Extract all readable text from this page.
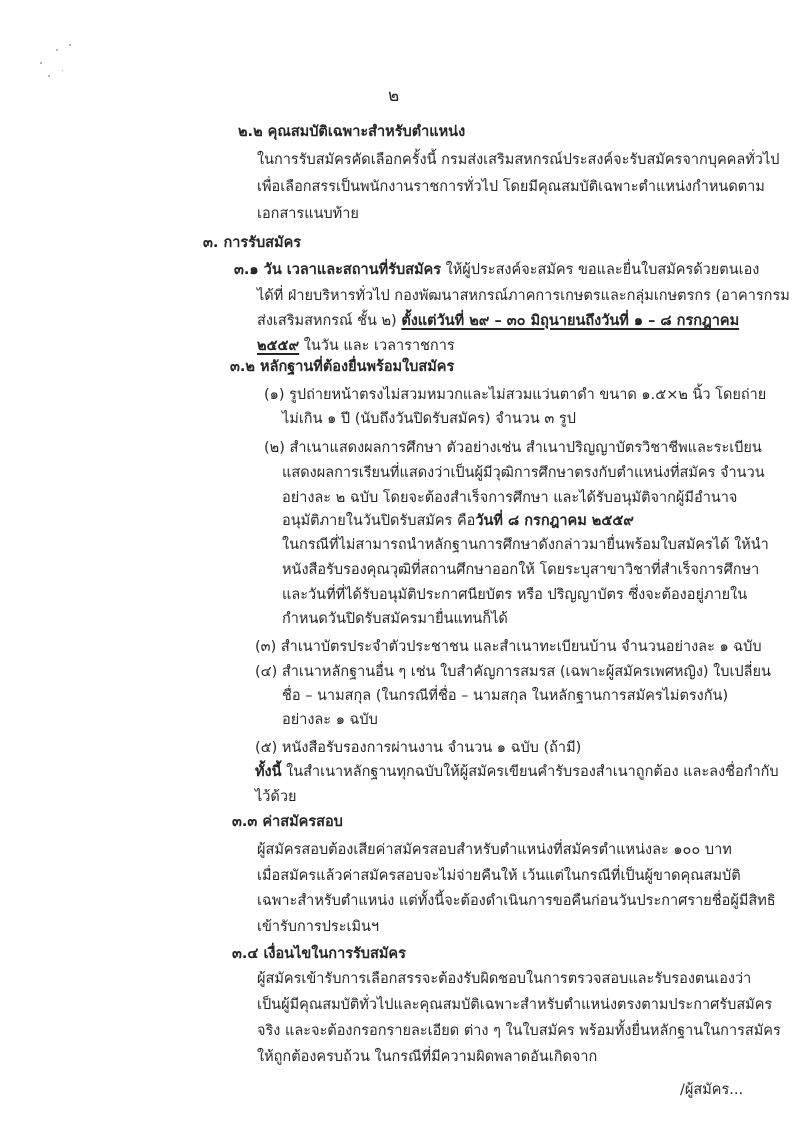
๒
๒.๒ คุณสมบัติเฉพาะสำหรับตำแหน่ง
ในการรับสมัครคัดเลือกครั้งนี้ กรมส่งเสริมสหกรณ์ประสงค์จะรับสมัครจากบุคคลทั่วไป
เพื่อเลือกสรรเป็นพนักงานราชการทั่วไป โดยมีคุณสมบัติเฉพาะตำแหน่งกำหนดตาม
เอกสารแนบท้าย
๓. การรับสมัคร
๓.๑ วัน เวลาและสถานที่รับสมัคร ให้ผู้ประสงค์จะสมัคร ขอและยื่นใบสมัครด้วยตนเอง
ได้ที่ ฝ่ายบริหารทั่วไป กองพัฒนาสหกรณ์ภาคการเกษตรและกลุ่มเกษตรกร (อาคารกรม
ส่งเสริมสหกรณ์ ชั้น ๒) ตั้งแต่วันที่ ๒๙ – ๓๐ มิถุนายนถึงวันที่ ๑ – ๘ กรกฎาคม
๒๕๕๙ ในวัน และ เวลาราชการ
๓.๒ หลักฐานที่ต้องยื่นพร้อมใบสมัคร
(๑) รูปถ่ายหน้าตรงไม่สวมหมวกและไม่สวมแว่นตาดำ ขนาด ๑.๕×๒ นิ้ว โดยถ่าย
ไม่เกิน ๑ ปี (นับถึงวันปิดรับสมัคร) จำนวน ๓ รูป
(๒) สำเนาแสดงผลการศึกษา ตัวอย่างเช่น สำเนาปริญญาบัตรวิชาชีพและระเบียน
แสดงผลการเรียนที่แสดงว่าเป็นผู้มีวุฒิการศึกษาตรงกับตำแหน่งที่สมัคร จำนวน
อย่างละ ๒ ฉบับ โดยจะต้องสำเร็จการศึกษา และได้รับอนุมัติจากผู้มีอำนาจ
อนุมัติภายในวันปิดรับสมัคร คือวันที่ ๘ กรกฎาคม ๒๕๕๙
ในกรณีที่ไม่สามารถนำหลักฐานการศึกษาดังกล่าวมายื่นพร้อมใบสมัครได้ ให้นำ
หนังสือรับรองคุณวุฒิที่สถานศึกษาออกให้ โดยระบุสาขาวิชาที่สำเร็จการศึกษา
และวันที่ที่ได้รับอนุมัติประกาศนียบัตร หรือ ปริญญาบัตร ซึ่งจะต้องอยู่ภายใน
กำหนดวันปิดรับสมัครมายื่นแทนก็ได้
(๓) สำเนาบัตรประจำตัวประชาชน และสำเนาทะเบียนบ้าน จำนวนอย่างละ ๑ ฉบับ
(๔) สำเนาหลักฐานอื่น ๆ เช่น ใบสำคัญการสมรส (เฉพาะผู้สมัครเพศหญิง) ใบเปลี่ยน
ชื่อ – นามสกุล (ในกรณีที่ชื่อ – นามสกุล ในหลักฐานการสมัครไม่ตรงกัน)
อย่างละ ๑ ฉบับ
(๕) หนังสือรับรองการผ่านงาน จำนวน ๑ ฉบับ (ถ้ามี)
ทั้งนี้ ในสำเนาหลักฐานทุกฉบับให้ผู้สมัครเขียนคำรับรองสำเนาถูกต้อง และลงชื่อกำกับ
ไว้ด้วย
๓.๓ ค่าสมัครสอบ
ผู้สมัครสอบต้องเสียค่าสมัครสอบสำหรับตำแหน่งที่สมัครตำแหน่งละ ๑๐๐ บาท
เมื่อสมัครแล้วค่าสมัครสอบจะไม่จ่ายคืนให้ เว้นแต่ในกรณีที่เป็นผู้ขาดคุณสมบัติ
เฉพาะสำหรับตำแหน่ง แต่ทั้งนี้จะต้องดำเนินการขอคืนก่อนวันประกาศรายชื่อผู้มีสิทธิ
เข้ารับการประเมินฯ
๓.๔ เงื่อนไขในการรับสมัคร
ผู้สมัครเข้ารับการเลือกสรรจะต้องรับผิดชอบในการตรวจสอบและรับรองตนเองว่า
เป็นผู้มีคุณสมบัติทั่วไปและคุณสมบัติเฉพาะสำหรับตำแหน่งตรงตามประกาศรับสมัคร
จริง และจะต้องกรอกรายละเอียด ต่าง ๆ ในใบสมัคร พร้อมทั้งยื่นหลักฐานในการสมัคร
ให้ถูกต้องครบถ้วน ในกรณีที่มีความผิดพลาดอันเกิดจาก
/ผู้สมัคร...
